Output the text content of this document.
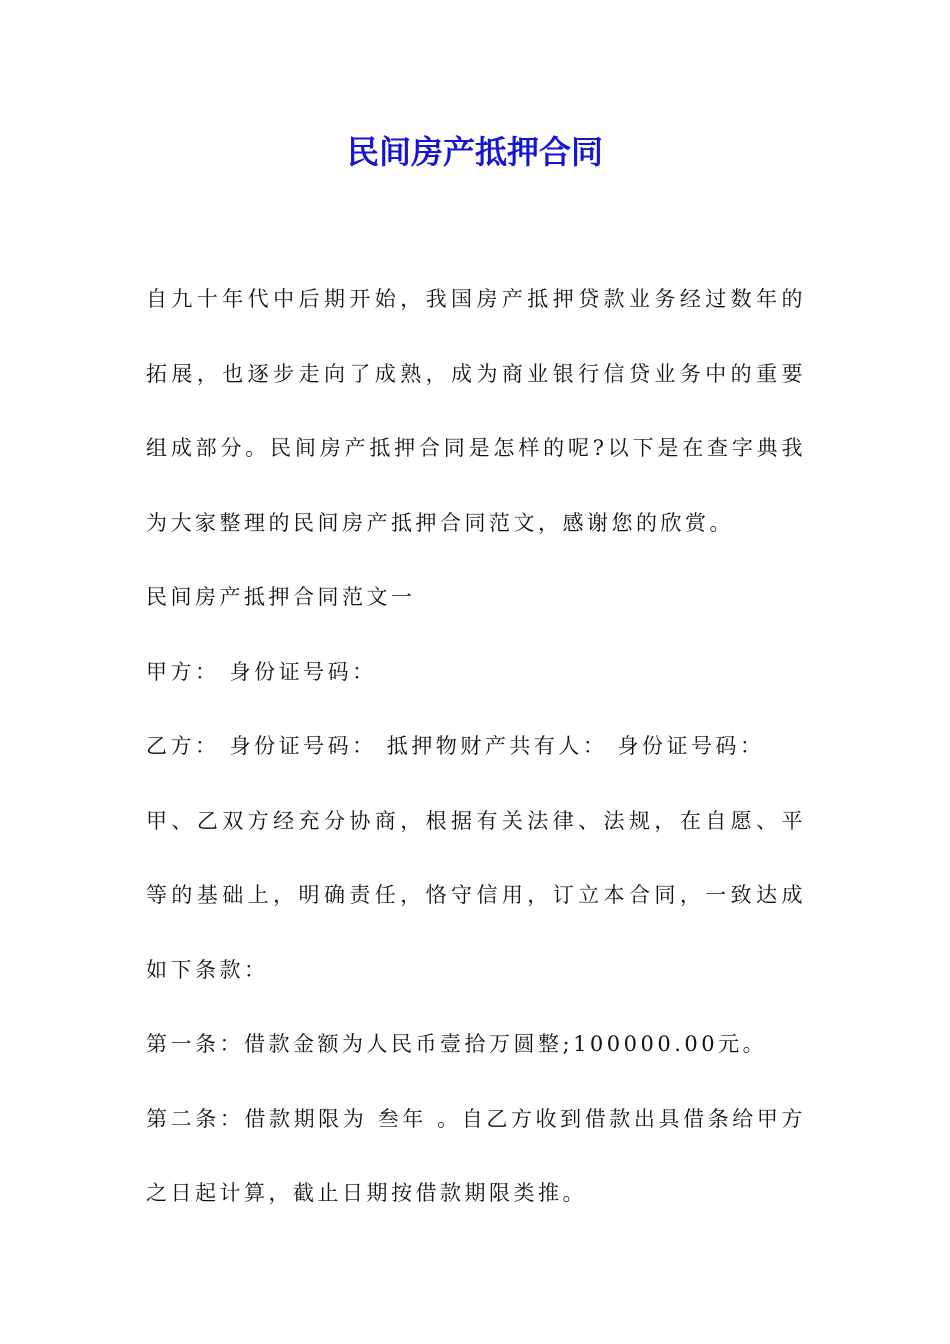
民间房产抵押合同

自九十年代中后期开始，我国房产抵押贷款业务经过数年的拓展，也逐步走向了成熟，成为商业银行信贷业务中的重要组成部分。民间房产抵押合同是怎样的呢?以下是在查字典我为大家整理的民间房产抵押合同范文，感谢您的欣赏。

民间房产抵押合同范文一

甲方： 身份证号码：

乙方： 身份证号码： 抵押物财产共有人： 身份证号码：

甲、乙双方经充分协商，根据有关法律、法规，在自愿、平等的基础上，明确责任，恪守信用，订立本合同，一致达成如下条款：

第一条：借款金额为人民币壹拾万圆整;100000.00元。

第二条：借款期限为 叁年 。自乙方收到借款出具借条给甲方之日起计算，截止日期按借款期限类推。
